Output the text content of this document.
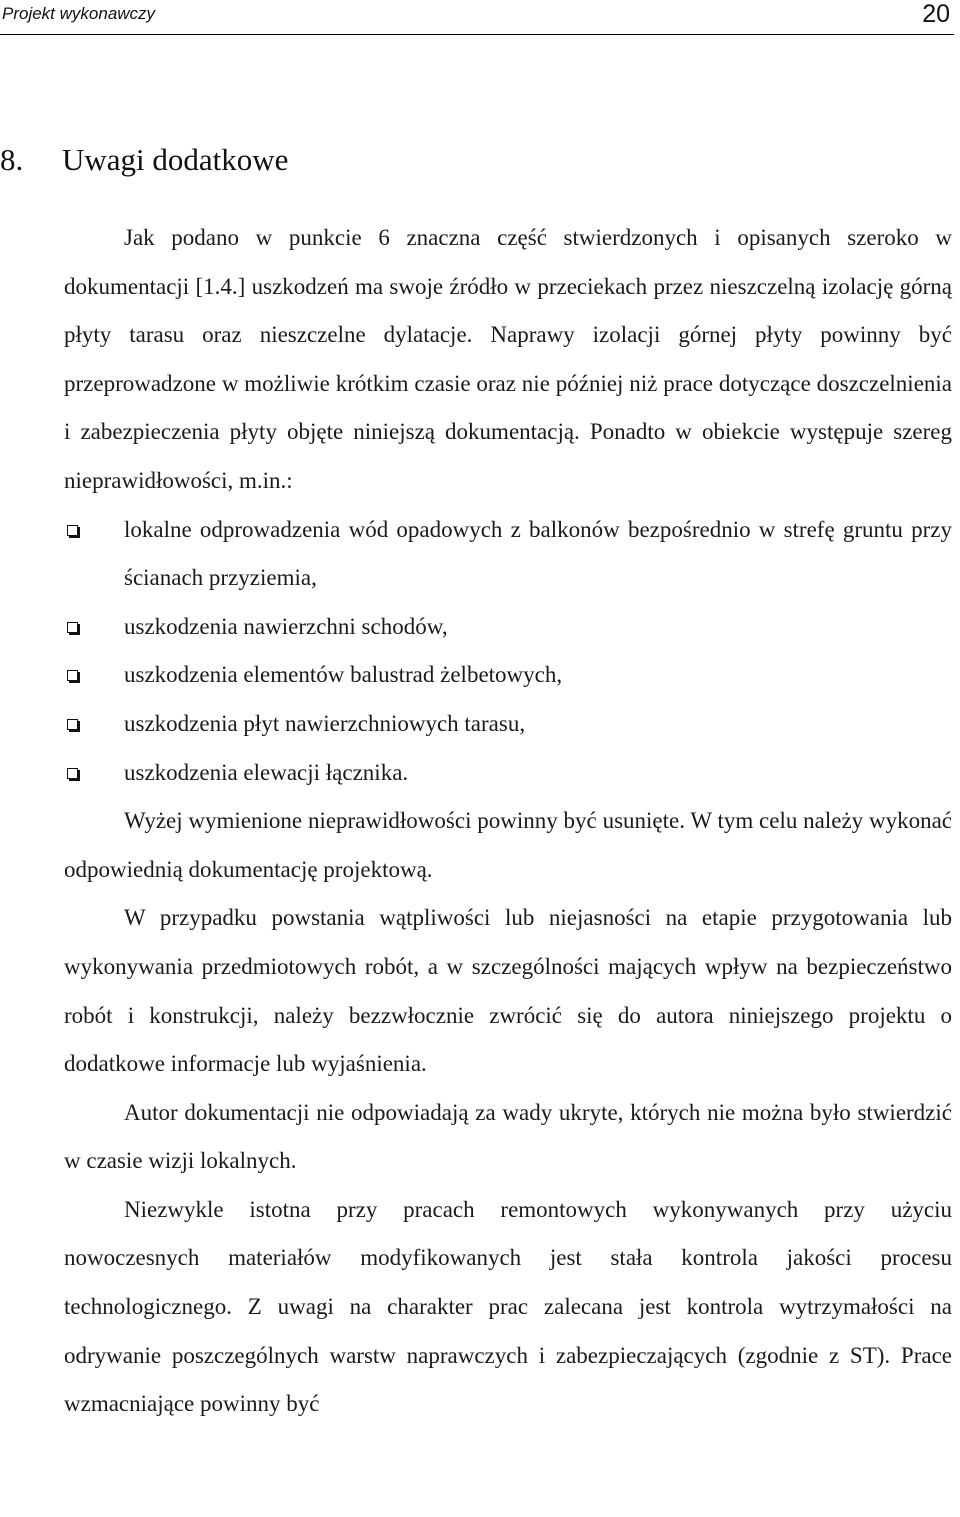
Projekt wykonawczy	20
8. Uwagi dodatkowe

Jak podano w punkcie 6 znaczna część stwierdzonych i opisanych szeroko w dokumentacji [1.4.] uszkodzeń ma swoje źródło w przeciekach przez nieszczelną izolację górną płyty tarasu oraz nieszczelne dylatacje. Naprawy izolacji górnej płyty powinny być przeprowadzone w możliwie krótkim czasie oraz nie później niż prace dotyczące doszczelnienia i zabezpieczenia płyty objęte niniejszą dokumentacją. Ponadto w obiekcie występuje szereg nieprawidłowości, m.in.:

lokalne odprowadzenia wód opadowych z balkonów bezpośrednio w strefę gruntu przy ścianach przyziemia,
uszkodzenia nawierzchni schodów,
uszkodzenia elementów balustrad żelbetowych,
uszkodzenia płyt nawierzchniowych tarasu,
uszkodzenia elewacji łącznika.

Wyżej wymienione nieprawidłowości powinny być usunięte. W tym celu należy wykonać odpowiednią dokumentację projektową.

W przypadku powstania wątpliwości lub niejasności na etapie przygotowania lub wykonywania przedmiotowych robót, a w szczególności mających wpływ na bezpieczeństwo robót i konstrukcji, należy bezzwłocznie zwrócić się do autora niniejszego projektu o dodatkowe informacje lub wyjaśnienia.

Autor dokumentacji nie odpowiadają za wady ukryte, których nie można było stwierdzić w czasie wizji lokalnych.

Niezwykle istotna przy pracach remontowych wykonywanych przy użyciu nowoczesnych materiałów modyfikowanych jest stała kontrola jakości procesu technologicznego. Z uwagi na charakter prac zalecana jest kontrola wytrzymałości na odrywanie poszczególnych warstw naprawczych i zabezpieczających (zgodnie z ST). Prace wzmacniające powinny być
